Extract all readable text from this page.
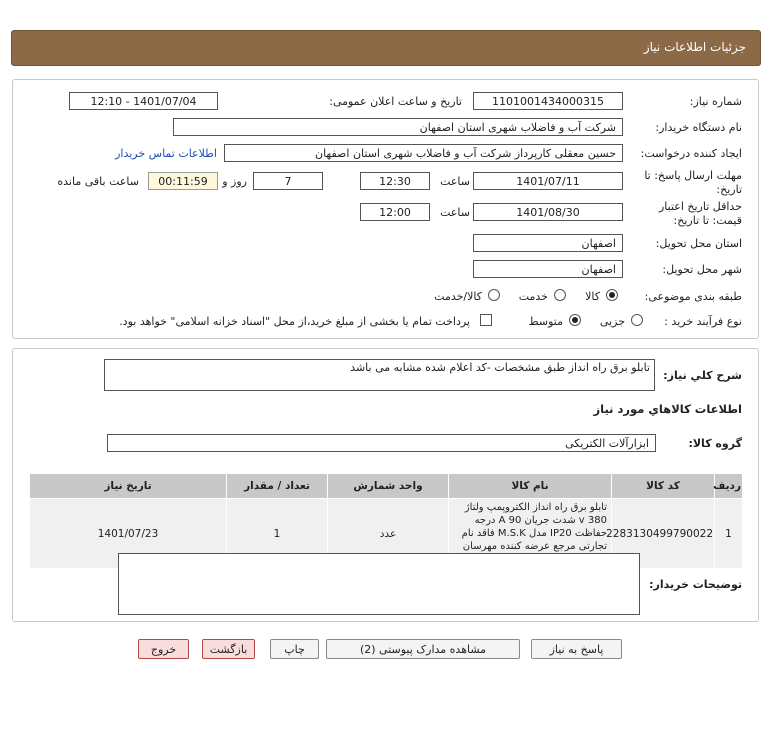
جزئیات اطلاعات نیاز
شماره نیاز:
1101001434000315
تاریخ و ساعت اعلان عمومی:
1401/07/04 - 12:10
نام دستگاه خریدار:
شرکت آب و فاضلاب شهری استان اصفهان
ایجاد کننده درخواست:
حسین معقلی کارپرداز شرکت آب و فاضلاب شهری استان اصفهان
اطلاعات تماس خریدار
مهلت ارسال پاسخ: تا تاریخ:
1401/07/11
ساعت
12:30
7
روز و
00:11:59
ساعت باقی مانده
حداقل تاریخ اعتبار قیمت: تا تاریخ:
1401/08/30
ساعت
12:00
استان محل تحویل:
اصفهان
شهر محل تحویل:
اصفهان
طبقه بندی موضوعی:
کالا
خدمت
کالا/خدمت
نوع فرآیند خرید :
جزیی
متوسط
پرداخت تمام یا بخشی از مبلغ خرید،از محل "اسناد خزانه اسلامی" خواهد بود.
شرح کلي نياز:
تابلو برق راه انداز طبق مشخصات -کد اعلام شده مشابه می باشد
اطلاعات کالاهاي مورد نياز
گروه کالا:
ابزارآلات الکتریکی
ردیف	کد کالا	نام کالا	واحد شمارش	تعداد / مقدار	تاریخ نیاز
1	2283130499790022	تابلو برق راه انداز الکتروپمپ ولتاژ 380 v شدت جریان 90 A درجه حفاظت IP20 مدل M.S.K فاقد نام تجارتی مرجع عرضه کننده مهرسان	عدد	1	1401/07/23
توضیحات خریدار:
پاسخ به نیاز
مشاهده مدارک پیوستی (2)
چاپ
بازگشت
خروج
